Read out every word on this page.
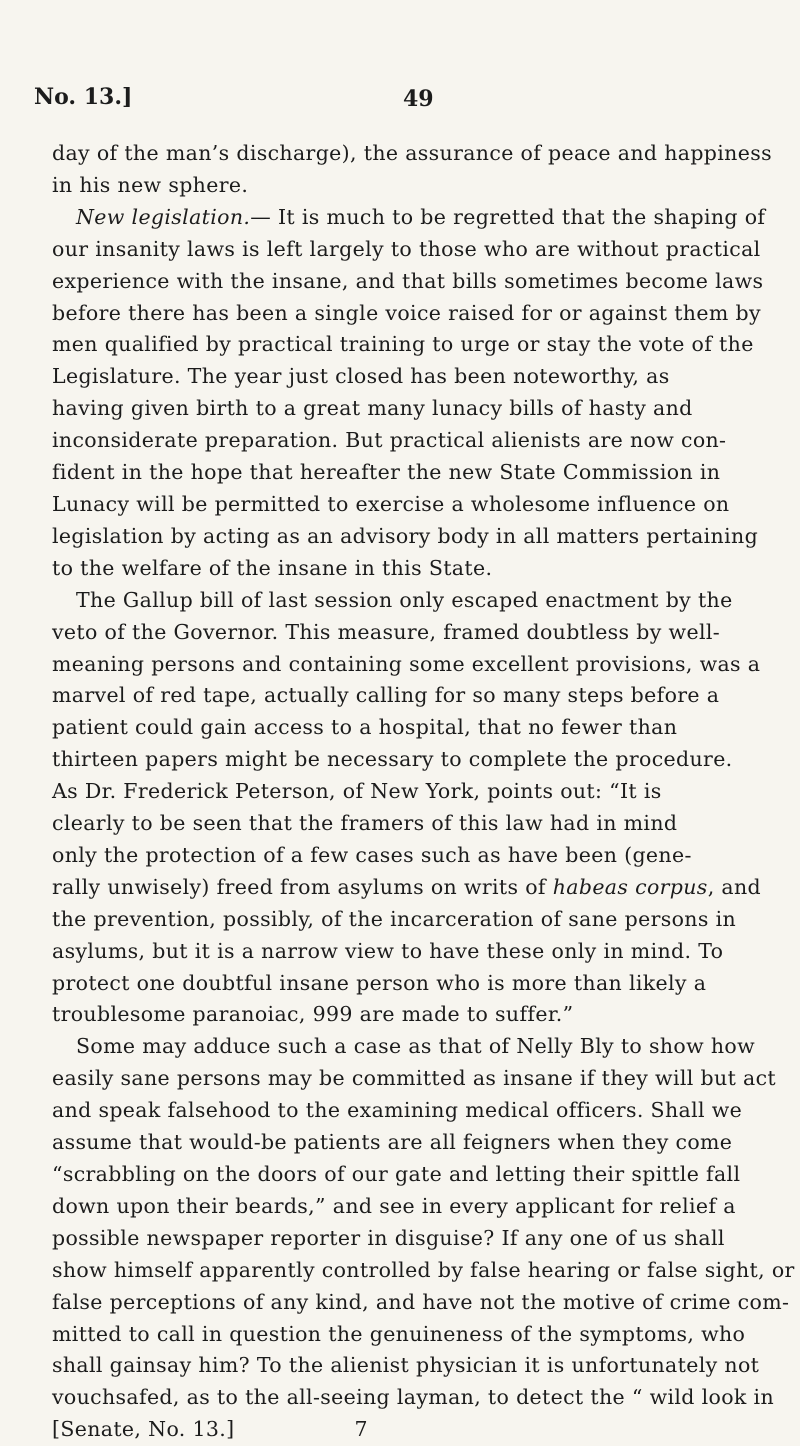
No. 13.]	49
day of the man’s discharge), the assurance of peace and happiness
in his new sphere.
New legislation.— It is much to be regretted that the shaping of
our insanity laws is left largely to those who are without practical
experience with the insane, and that bills sometimes become laws
before there has been a single voice raised for or against them by
men qualified by practical training to urge or stay the vote of the
Legislature. The year just closed has been noteworthy, as
having given birth to a great many lunacy bills of hasty and
inconsiderate preparation. But practical alienists are now con-
fident in the hope that hereafter the new State Commission in
Lunacy will be permitted to exercise a wholesome influence on
legislation by acting as an advisory body in all matters pertaining
to the welfare of the insane in this State.
The Gallup bill of last session only escaped enactment by the
veto of the Governor. This measure, framed doubtless by well-
meaning persons and containing some excellent provisions, was a
marvel of red tape, actually calling for so many steps before a
patient could gain access to a hospital, that no fewer than
thirteen papers might be necessary to complete the procedure.
As Dr. Frederick Peterson, of New York, points out: “It is
clearly to be seen that the framers of this law had in mind
only the protection of a few cases such as have been (gene-
rally unwisely) freed from asylums on writs of habeas corpus, and
the prevention, possibly, of the incarceration of sane persons in
asylums, but it is a narrow view to have these only in mind. To
protect one doubtful insane person who is more than likely a
troublesome paranoiac, 999 are made to suffer.”
Some may adduce such a case as that of Nelly Bly to show how
easily sane persons may be committed as insane if they will but act
and speak falsehood to the examining medical officers. Shall we
assume that would-be patients are all feigners when they come
“scrabbling on the doors of our gate and letting their spittle fall
down upon their beards,” and see in every applicant for relief a
possible newspaper reporter in disguise? If any one of us shall
show himself apparently controlled by false hearing or false sight, or
false perceptions of any kind, and have not the motive of crime com-
mitted to call in question the genuineness of the symptoms, who
shall gainsay him? To the alienist physician it is unfortunately not
vouchsafed, as to the all-seeing layman, to detect the “ wild look in
[Senate, No. 13.]	7
